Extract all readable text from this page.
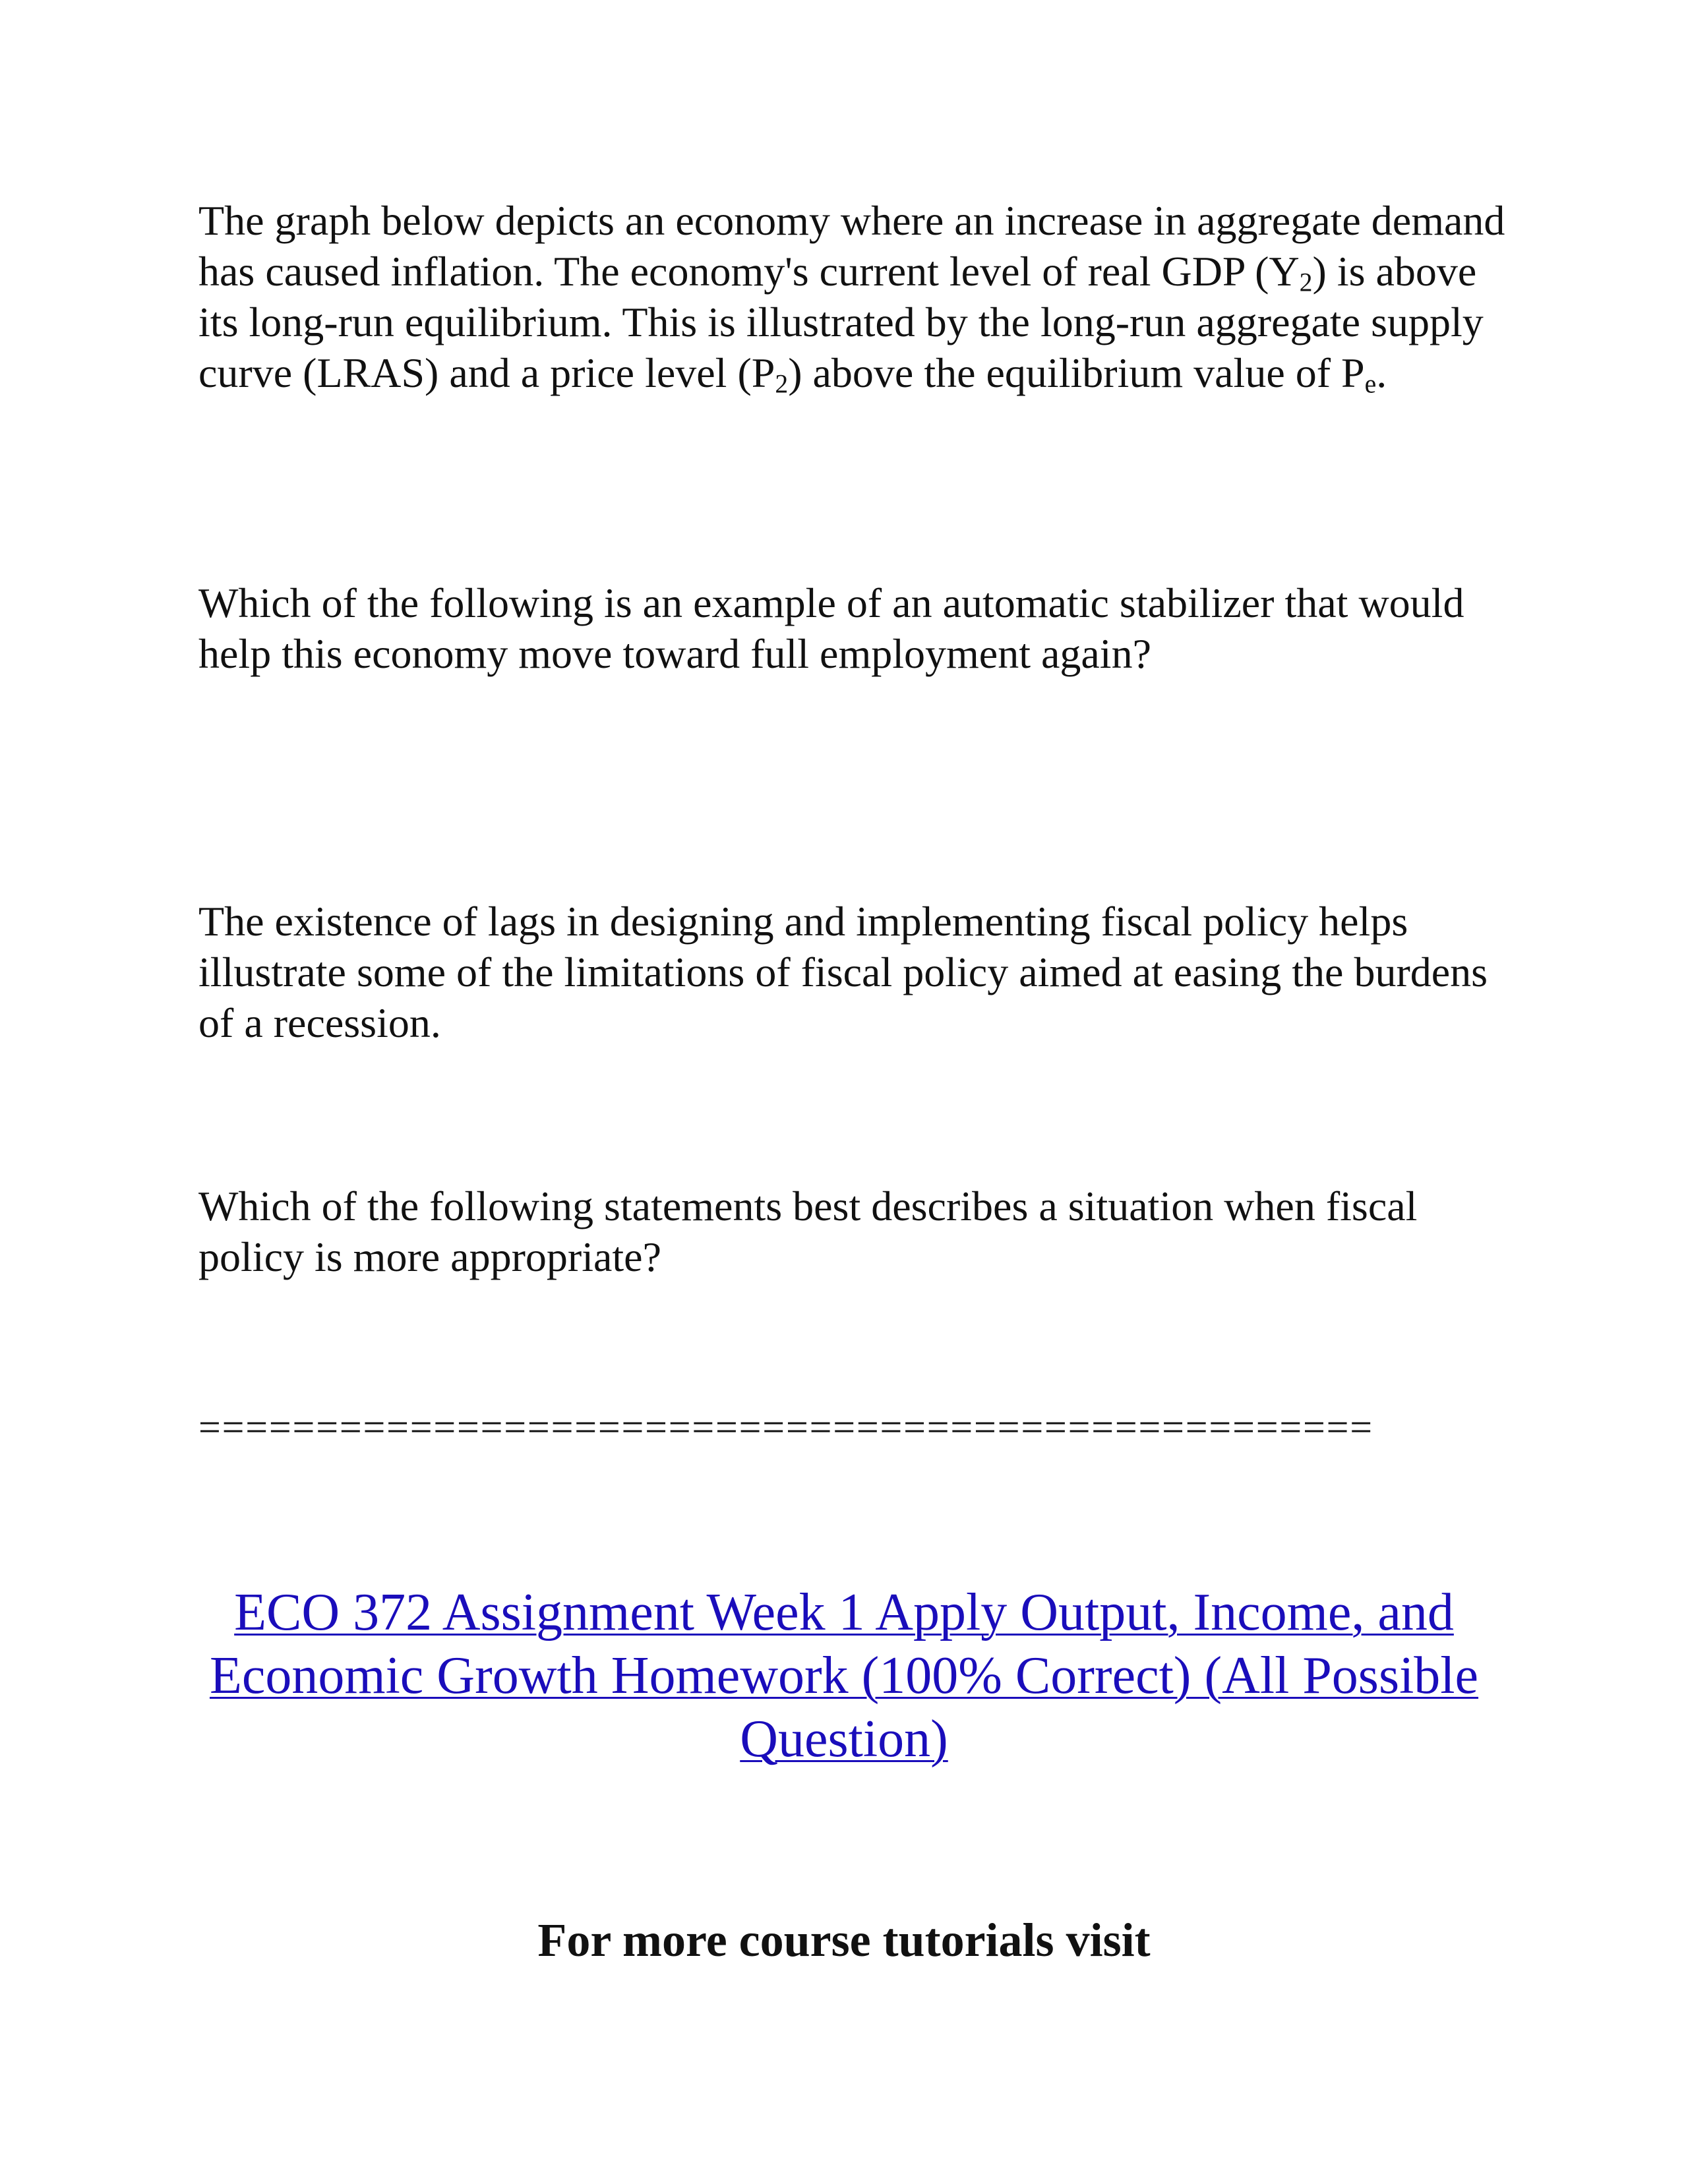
The graph below depicts an economy where an increase in aggregate demand has caused inflation. The economy's current level of real GDP $(Y_2)$ is above its long-run equilibrium. This is illustrated by the long-run aggregate supply curve (LRAS) and a price level $(P_2)$ above the equilibrium value of $P_e$.

Which of the following is an example of an automatic stabilizer that would help this economy move toward full employment again?

The existence of lags in designing and implementing fiscal policy helps illustrate some of the limitations of fiscal policy aimed at easing the burdens of a recession.

Which of the following statements best describes a situation when fiscal policy is more appropriate?

==================================================

ECO 372 Assignment Week 1 Apply Output, Income, and Economic Growth Homework (100% Correct) (All Possible Question)

For more course tutorials visit
